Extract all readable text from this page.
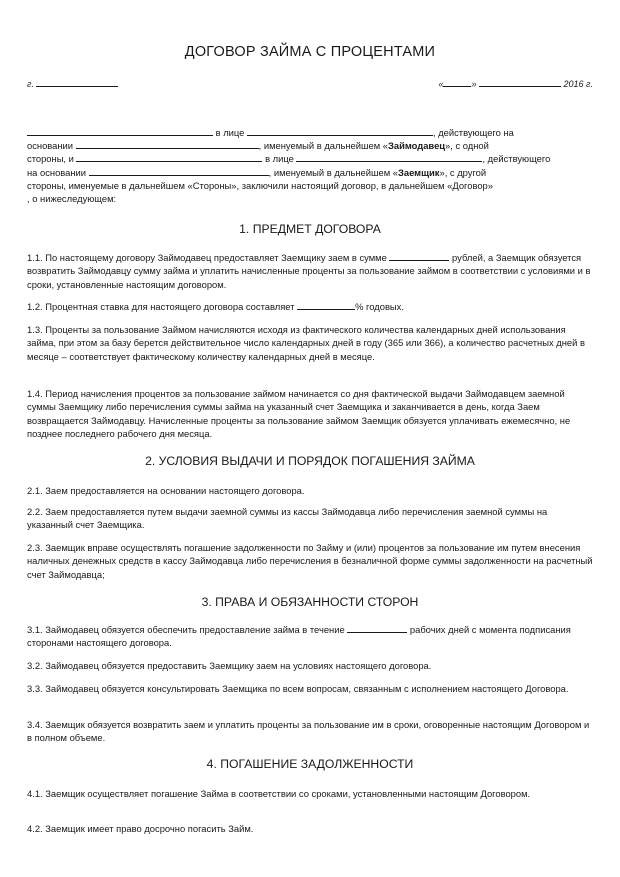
ДОГОВОР ЗАЙМА С ПРОЦЕНТАМИ
г.	«	»	2016 г.
в лице	, действующего на
основании	, именуемый в дальнейшем «Займодавец», с одной
стороны, и	в лице	, действующего
на основании	, именуемый в дальнейшем «Заемщик», с другой
стороны, именуемые в дальнейшем «Стороны», заключили настоящий договор, в дальнейшем «Договор»
, о нижеследующем:
1. ПРЕДМЕТ ДОГОВОРА

1.1. По настоящему договору Займодавец предоставляет Заемщику заем в сумме	рублей, а Заемщик обязуется возвратить Займодавцу сумму займа и уплатить начисленные проценты за пользование займом в соответствии с условиями и в сроки, установленные настоящим договором.

1.2. Процентная ставка для настоящего договора составляет	% годовых.

1.3. Проценты за пользование Займом начисляются исходя из фактического количества календарных дней использования займа, при этом за базу берется действительное число календарных дней в году (365 или 366), а количество расчетных дней в месяце – соответствует фактическому количеству календарных дней в месяце.

1.4. Период начисления процентов за пользование займом начинается со дня фактической выдачи Займодавцем заемной суммы Заемщику либо перечисления суммы займа на указанный счет Заемщика и заканчивается в день, когда Заем возвращается Займодавцу. Начисленные проценты за пользование займом Заемщик обязуется уплачивать ежемесячно, не позднее последнего рабочего дня месяца.

2. УСЛОВИЯ ВЫДАЧИ И ПОРЯДОК ПОГАШЕНИЯ ЗАЙМА

2.1. Заем предоставляется на основании настоящего договора.

2.2. Заем предоставляется путем выдачи заемной суммы из кассы Займодавца либо перечисления заемной суммы на указанный счет Заемщика.

2.3. Заемщик вправе осуществлять погашение задолженности по Займу и (или) процентов за пользование им путем внесения наличных денежных средств в кассу Займодавца либо перечисления в безналичной форме суммы задолженности на расчетный счет Займодавца;

3. ПРАВА И ОБЯЗАННОСТИ СТОРОН

3.1. Займодавец обязуется обеспечить предоставление займа в течение	рабочих дней с момента подписания сторонами настоящего договора.

3.2. Займодавец обязуется предоставить Заемщику заем на условиях настоящего договора.

3.3. Займодавец обязуется консультировать Заемщика по всем вопросам, связанным с исполнением настоящего Договора.

3.4. Заемщик обязуется возвратить заем и уплатить проценты за пользование им в сроки, оговоренные настоящим Договором и в полном объеме.

4. ПОГАШЕНИЕ ЗАДОЛЖЕННОСТИ

4.1. Заемщик осуществляет погашение Займа в соответствии со сроками, установленными настоящим Договором.

4.2. Заемщик имеет право досрочно погасить Займ.
